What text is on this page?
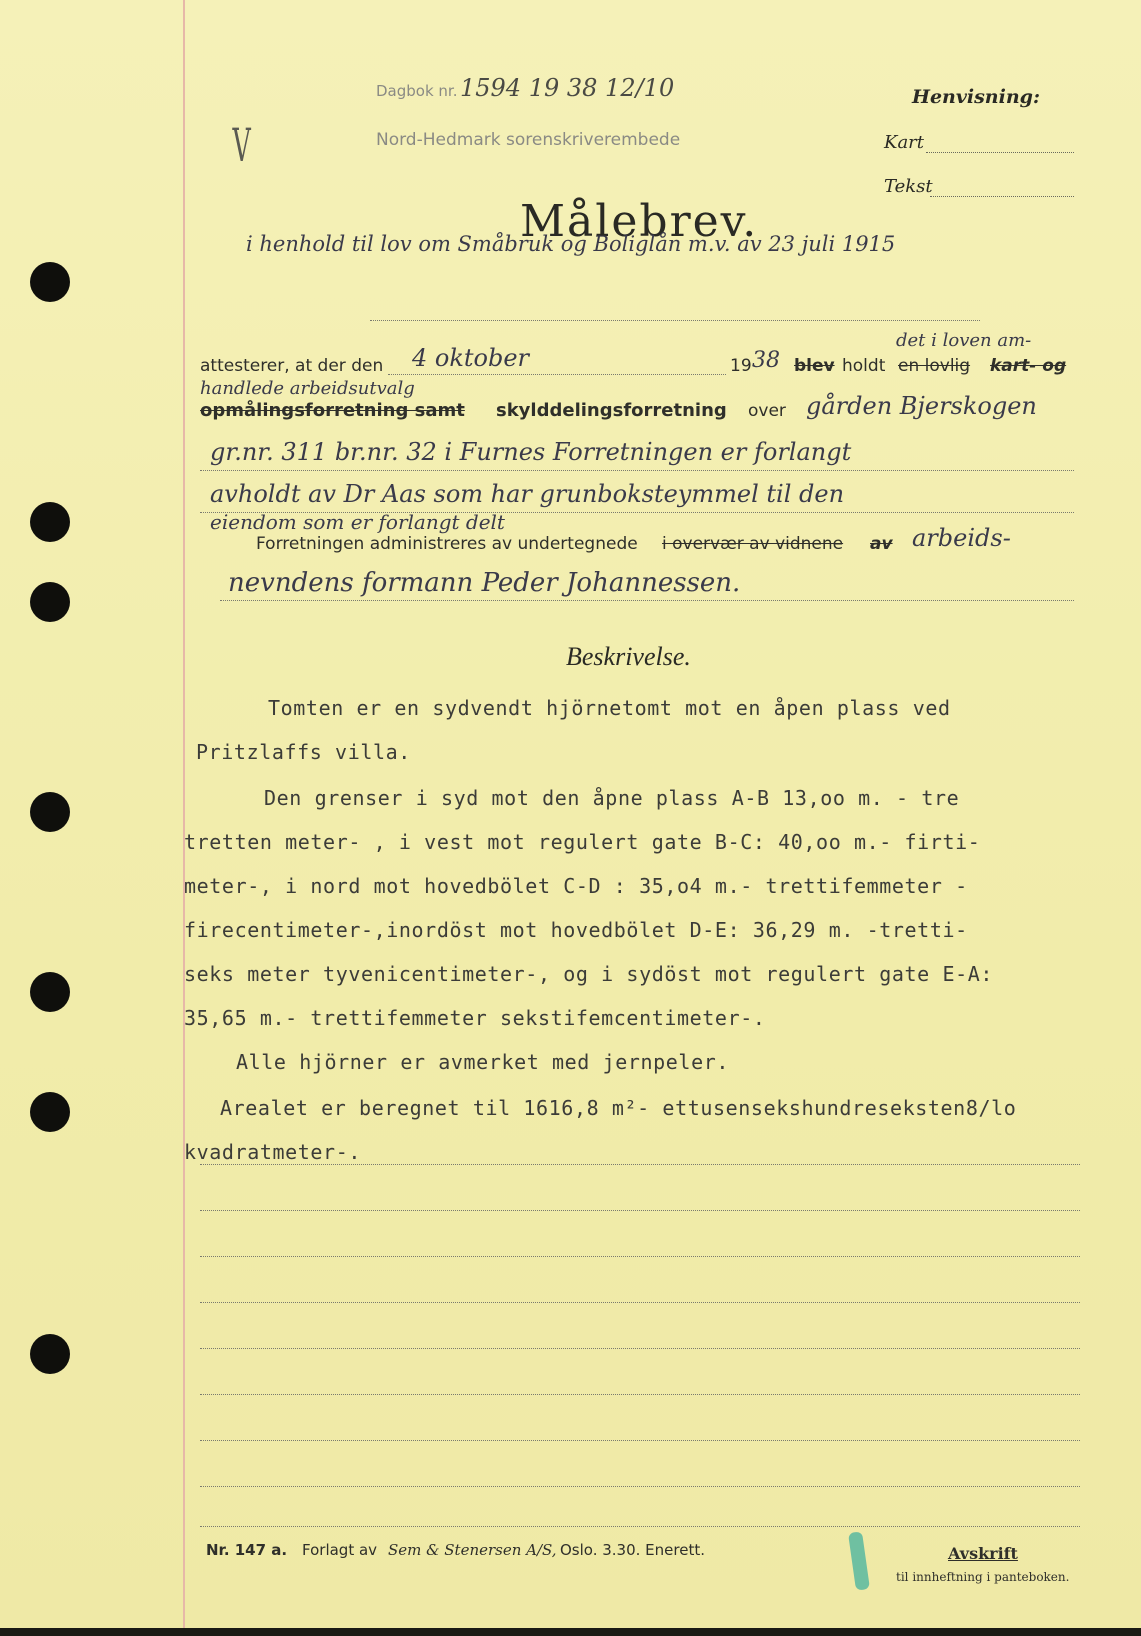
V
Dagbok nr. 1594 19 38 12/10
Nord-Hedmark sorenskriverembede
Henvisning:
Kart
Tekst
Målebrev.
i henhold til lov om Småbruk og Boliglån m.v. av 23 juli 1915
attesterer, at der den 4 oktober	19 38 blev holdt
det i loven am-
en lovlig kart- og
handlede arbeidsutvalg
opmålingsforretning samt skylddelingsforretning over gården Bjerskogen
gr.nr. 311 br.nr. 32 i Furnes Forretningen er forlangt
avholdt av Dr Aas som har grunboksteymmel til den
eiendom som er forlangt delt
Forretningen administreres av undertegnede i overvær av vidnene av arbeids-
nevndens formann Peder Johannessen.
Beskrivelse.
Tomten er en sydvendt hjörnetomt mot en åpen plass ved
Pritzlaffs villa.
Den grenser i syd mot den åpne plass A-B 13,oo m. - tre
tretten meter- , i vest mot regulert gate B-C: 40,oo m.- firti-
meter-, i nord mot hovedbölet C-D : 35,o4 m.- trettifemmeter -
firecentimeter-,inordöst mot hovedbölet D-E: 36,29 m. -tretti-
seks meter tyvenicentimeter-, og i sydöst mot regulert gate E-A:
35,65 m.- trettifemmeter sekstifemcentimeter-.
Alle hjörner er avmerket med jernpeler.
Arealet er beregnet til 1616,8 m²- ettusensekshundreseksten8/lo
kvadratmeter-.
Nr. 147 a. Forlagt av Sem & Stenersen A/S, Oslo. 3.30. Enerett.	Avskrift
til innheftning i panteboken.
